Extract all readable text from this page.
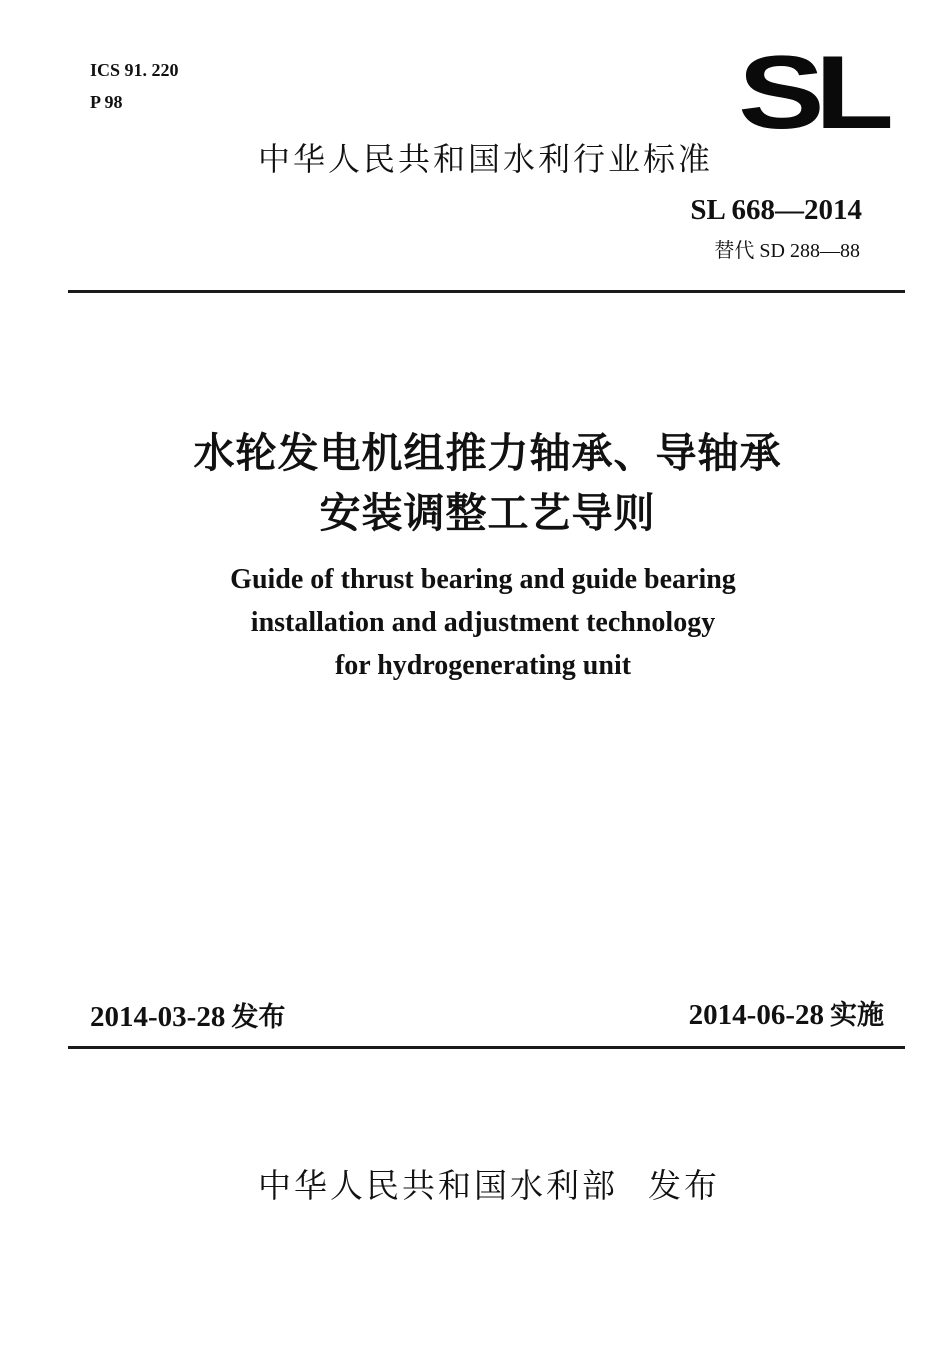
ICS 91. 220
P 98	SL
中华人民共和国水利行业标准
SL 668—2014
替代 SD 288—88
水轮发电机组推力轴承、导轴承
安装调整工艺导则
Guide of thrust bearing and guide bearing
installation and adjustment technology
for hydrogenerating unit
2014-03-28 发布	2014-06-28 实施
中华人民共和国水利部 发布
